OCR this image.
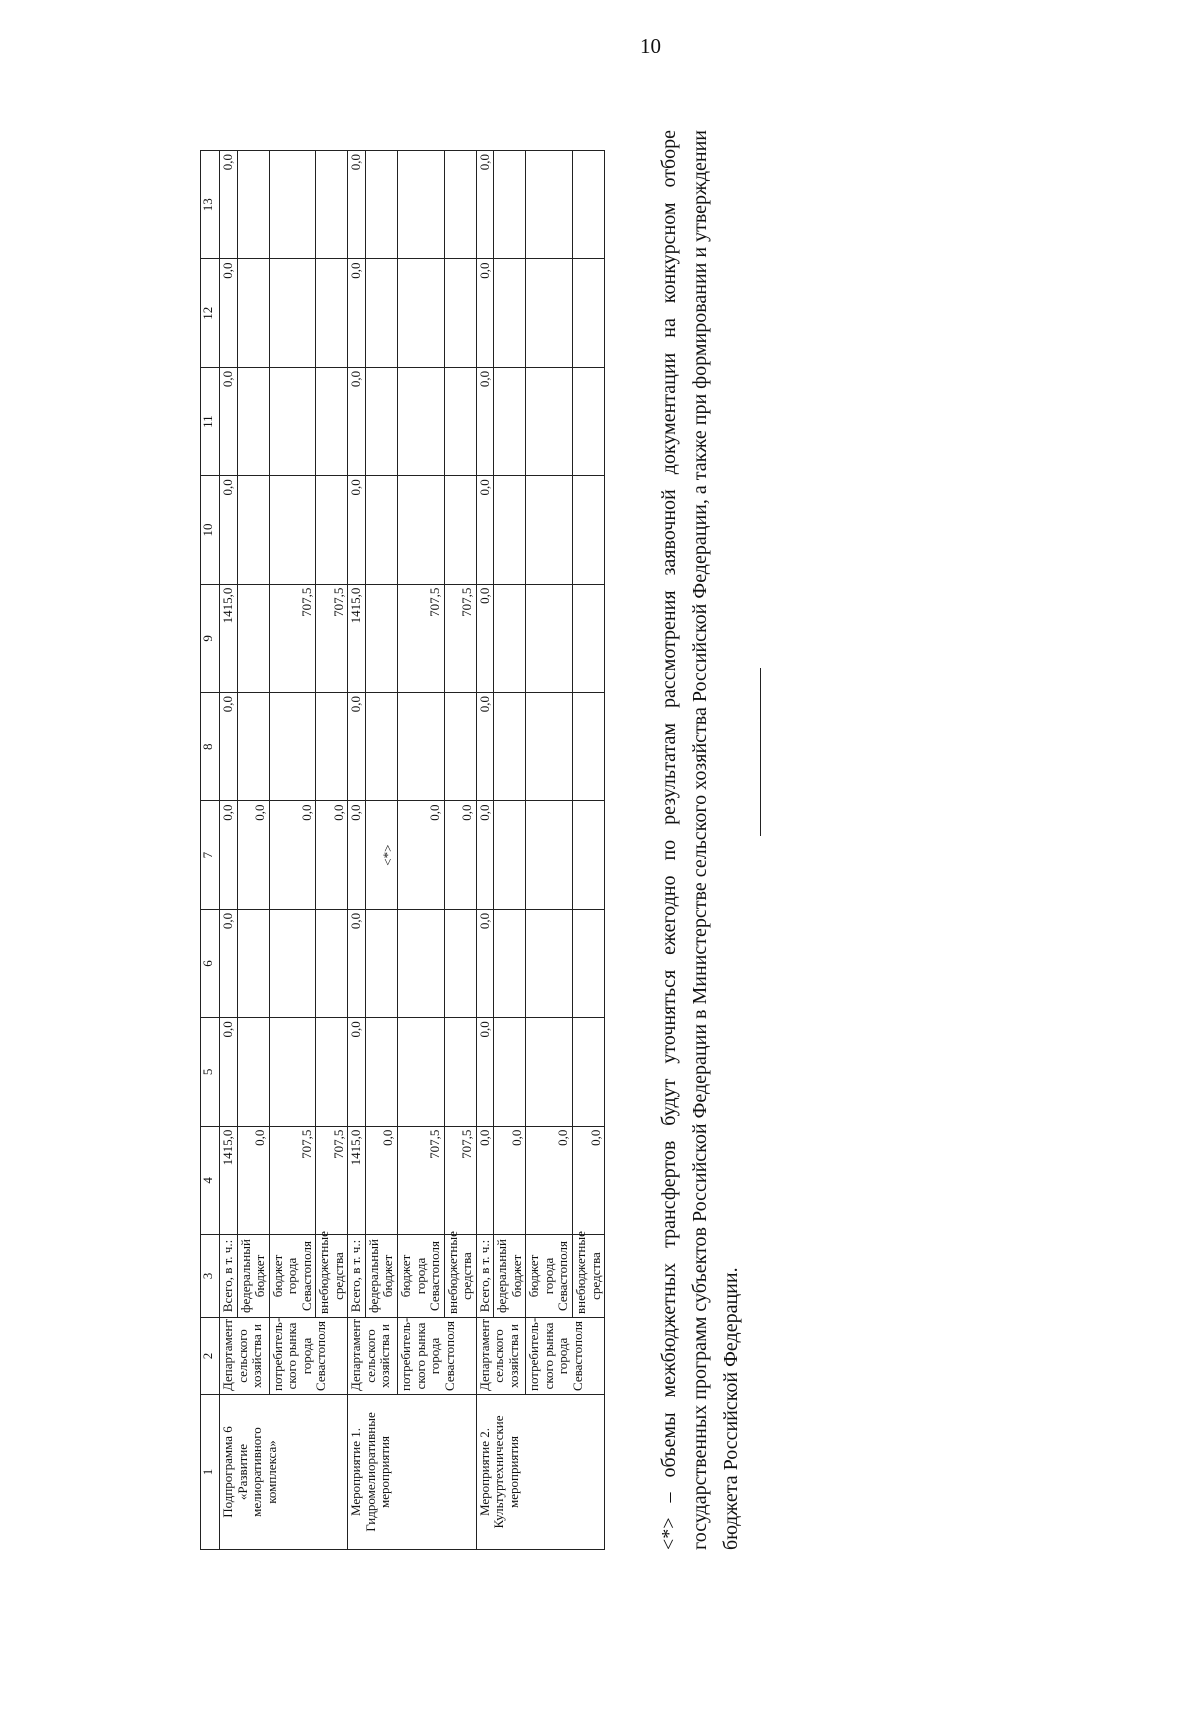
10
1	2	3	4	5	6	7	8	9	10	11	12	13
Подпрограмма 6 «Развитие мелиоративного комплекса»	Департамент сельского хозяйства и	Всего, в т. ч.:	1415,0	0,0	0,0	0,0	0,0	1415,0	0,0	0,0	0,0	0,0
		федеральный бюджет	0,0			0,0						
	потребитель-ского рынка города Севастополя	бюджет города Севастополя	707,5			0,0		707,5				
		внебюджетные средства	707,5			0,0		707,5				
Мероприятие 1. Гидромелиоративные мероприятия	Департамент сельского хозяйства и	Всего, в т. ч.:	1415,0	0,0	0,0	0,0	0,0	1415,0	0,0	0,0	0,0	0,0
		федеральный бюджет	0,0			<*>						
	потребитель-ского рынка города Севастополя	бюджет города Севастополя	707,5			0,0		707,5				
		внебюджетные средства	707,5			0,0		707,5				
Мероприятие 2. Культуртехнические мероприятия	Департамент сельского хозяйства и	Всего, в т. ч.:	0,0	0,0	0,0	0,0	0,0	0,0	0,0	0,0	0,0	0,0
		федеральный бюджет	0,0									
	потребитель-ского рынка города Севастополя	бюджет города Севастополя	0,0									
		внебюджетные средства	0,0										<*> – объемы межбюджетных трансфертов будут уточняться ежегодно по результатам рассмотрения заявочной документации на конкурсном отборе государственных программ субъектов Российской Федерации в Министерстве сельского хозяйства Российской Федерации, а также при формировании и утверждении бюджета Российской Федерации.
